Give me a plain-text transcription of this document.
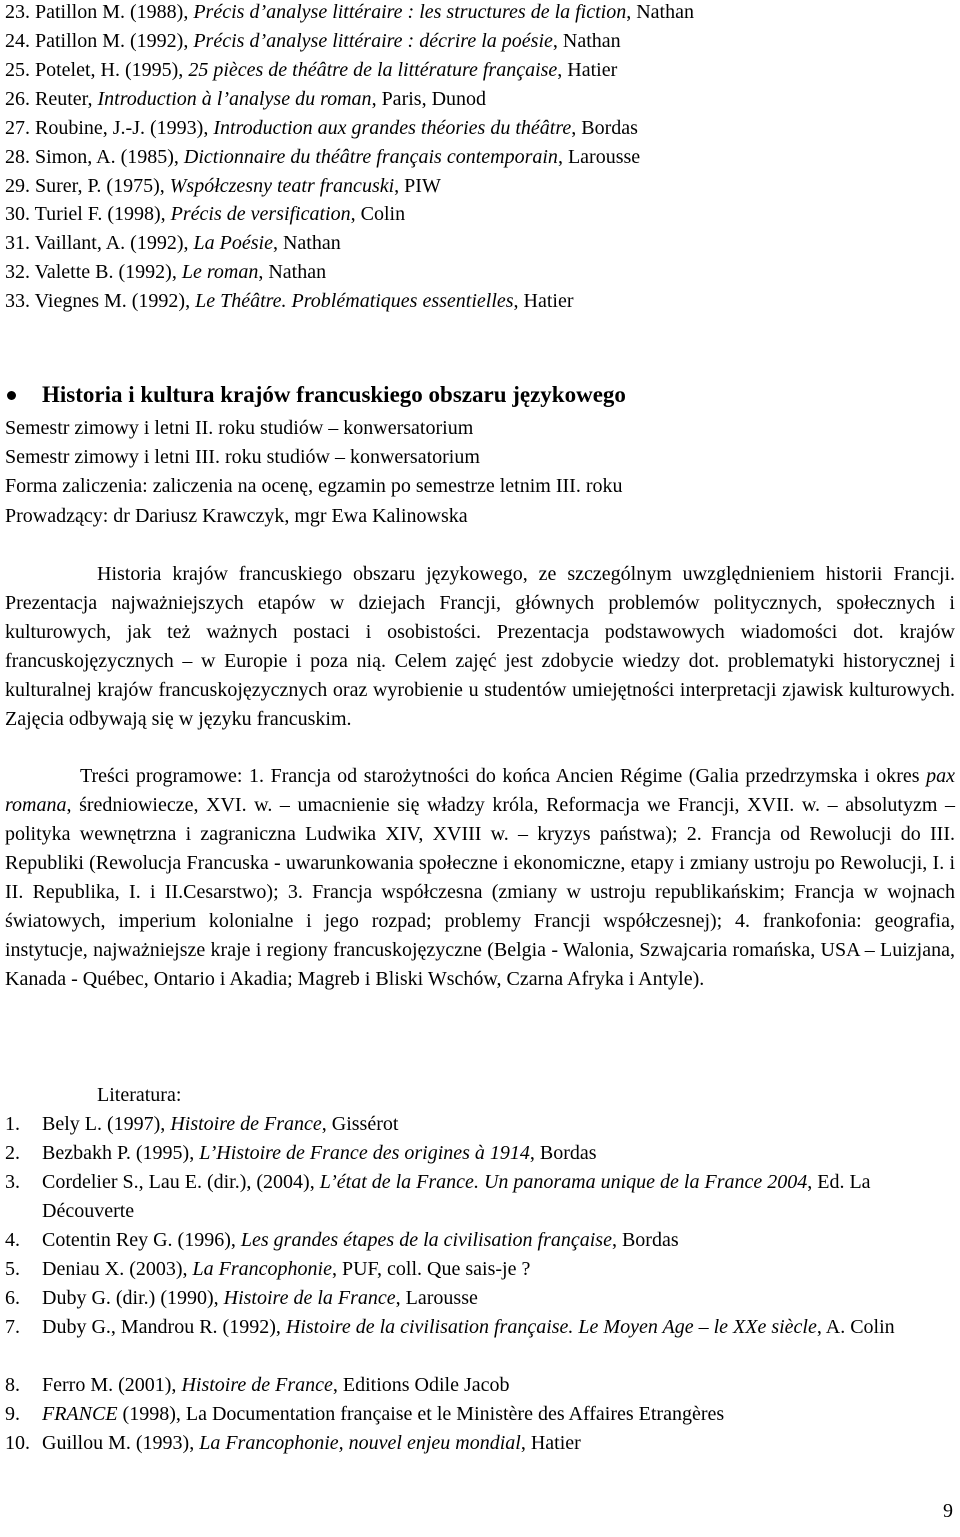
23. Patillon M. (1988), Précis d’analyse littéraire : les structures de la fiction, Nathan
24. Patillon M. (1992), Précis d’analyse littéraire : décrire la poésie, Nathan
25. Potelet, H. (1995), 25 pièces de théâtre de la littérature française, Hatier
26. Reuter, Introduction à l’analyse du roman, Paris, Dunod
27. Roubine, J.-J. (1993), Introduction aux grandes théories du théâtre, Bordas
28. Simon, A. (1985), Dictionnaire du théâtre français contemporain, Larousse
29. Surer, P. (1975), Współczesny teatr francuski, PIW
30. Turiel F. (1998), Précis de versification, Colin
31. Vaillant, A. (1992), La Poésie, Nathan
32. Valette B. (1992), Le roman, Nathan
33. Viegnes M. (1992), Le Théâtre. Problématiques essentielles, Hatier
Historia i kultura krajów francuskiego obszaru językowego
Semestr zimowy i letni II. roku studiów – konwersatorium
Semestr zimowy i letni III. roku studiów – konwersatorium
Forma zaliczenia: zaliczenia na ocenę, egzamin po semestrze letnim III. roku
Prowadzący: dr Dariusz Krawczyk, mgr Ewa Kalinowska
Historia krajów francuskiego obszaru językowego, ze szczególnym uwzględnieniem historii Francji. Prezentacja najważniejszych etapów w dziejach Francji, głównych problemów politycznych, społecznych i kulturowych, jak też ważnych postaci i osobistości. Prezentacja podstawowych wiadomości dot. krajów francuskojęzycznych – w Europie i poza nią. Celem zajęć jest zdobycie wiedzy dot. problematyki historycznej i kulturalnej krajów francuskojęzycznych oraz wyrobienie u studentów umiejętności interpretacji zjawisk kulturowych. Zajęcia odbywają się w języku francuskim.
Treści programowe: 1. Francja od starożytności do końca Ancien Régime (Galia przedrzymska i okres pax romana, średniowiecze, XVI. w. – umacnienie się władzy króla, Reformacja we Francji, XVII. w. – absolutyzm – polityka wewnętrzna i zagraniczna Ludwika XIV, XVIII w. – kryzys państwa); 2. Francja od Rewolucji do III. Republiki (Rewolucja Francuska - uwarunkowania społeczne i ekonomiczne, etapy i zmiany ustroju po Rewolucji, I. i II. Republika, I. i II.Cesarstwo); 3. Francja współczesna (zmiany w ustroju republikańskim; Francja w wojnach światowych, imperium kolonialne i jego rozpad; problemy Francji współczesnej); 4. frankofonia: geografia, instytucje, najważniejsze kraje i regiony francuskojęzyczne (Belgia - Walonia, Szwajcaria romańska, USA – Luizjana, Kanada - Québec, Ontario i Akadia; Magreb i Bliski Wschów, Czarna Afryka i Antyle).
Literatura:
1. Bely L. (1997), Histoire de France, Gissérot
2. Bezbakh P. (1995), L’Histoire de France des origines à 1914, Bordas
3. Cordelier S., Lau E. (dir.), (2004), L’état de la France. Un panorama unique de la France 2004, Ed. La Découverte
4. Cotentin Rey G. (1996), Les grandes étapes de la civilisation française, Bordas
5. Deniau X. (2003), La Francophonie, PUF, coll. Que sais-je ?
6. Duby G. (dir.) (1990), Histoire de la France, Larousse
7. Duby G., Mandrou R. (1992), Histoire de la civilisation française. Le Moyen Age – le XXe siècle, A. Colin
8. Ferro M. (2001), Histoire de France, Editions Odile Jacob
9. FRANCE (1998), La Documentation française et le Ministère des Affaires Etrangères
10. Guillou M. (1993), La Francophonie, nouvel enjeu mondial, Hatier
9
